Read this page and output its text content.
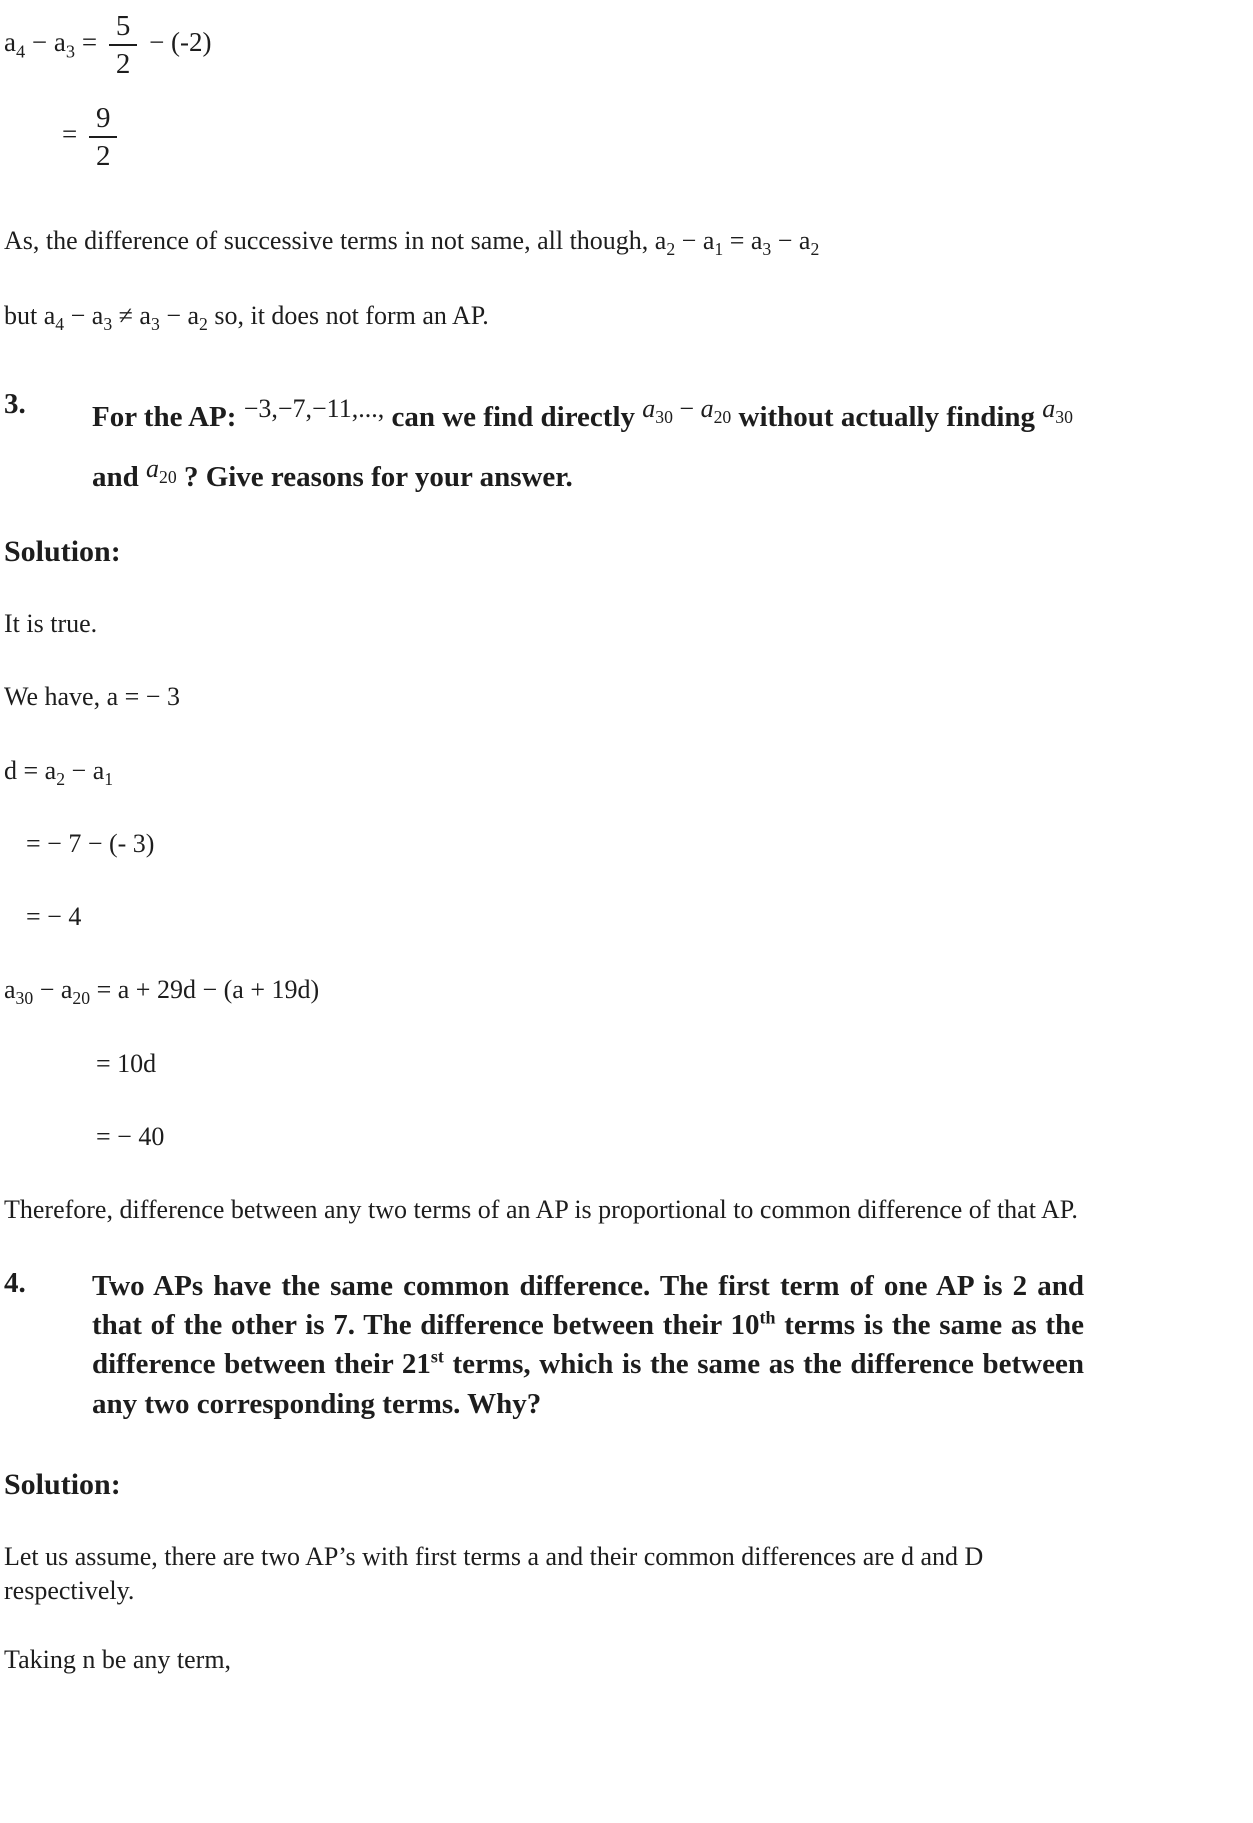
$a_4 - a_3 = \frac{5}{2} - (-2)$
= $\frac{9}{2}$
As, the difference of successive terms in not same, all though, $a_2 - a_1 = a_3 - a_2$
but $a_4 - a_3 \ne a_3 - a_2$ so, it does not form an AP.
3. For the AP: −3,−7,−11,..., can we find directly $a_{30} - a_{20}$ without actually finding $a_{30}$ and $a_{20}$ ? Give reasons for your answer.
Solution:
It is true.
We have, a = − 3
$d = a_2 - a_1$
= − 7 − (- 3)
= − 4
$a_{30} - a_{20} = a + 29d - (a + 19d)$
= 10d
= − 40
Therefore, difference between any two terms of an AP is proportional to common difference of that AP.
4. Two APs have the same common difference. The first term of one AP is 2 and that of the other is 7. The difference between their 10th terms is the same as the difference between their 21st terms, which is the same as the difference between any two corresponding terms. Why?
Solution:
Let us assume, there are two AP’s with first terms a and their common differences are d and D respectively.
Taking n be any term,
